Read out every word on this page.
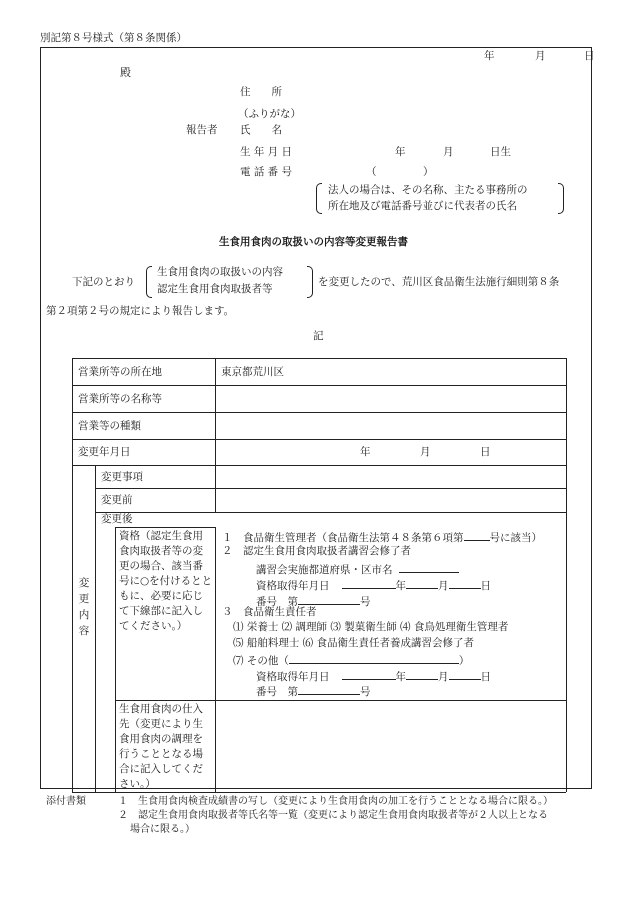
別記第８号様式（第８条関係）
年	月	日
殿
住　　所
（ふりがな）
報告者 氏　　名
生 年 月 日	年	月	日生
電 話 番 号	（	）
法人の場合は、その名称、主たる事務所の
所在地及び電話番号並びに代表者の氏名
生食用食肉の取扱いの内容等変更報告書
下記のとおり
生食用食肉の取扱いの内容
認定生食用食肉取扱者等
を変更したので、荒川区食品衛生法施行細則第８条
第２項第２号の規定により報告します。
記
営業所等の所在地	東京都荒川区
営業所等の名称等
営業等の種類
変更年月日	年	月	日
変
更
内
容
変更事項
変更前
変更後
資格（認定生食用食肉取扱者等の変更の場合、該当番号に○を付けるとともに、必要に応じて下線部に記入してください。）
１　食品衛生管理者（食品衛生法第４８条第６項第 号に該当）
２　認定生食用食肉取扱者講習会修了者
講習会実施都道府県・区市名
資格取得年月日	年	月	日
番号　第	号
３　食品衛生責任者
⑴ 栄養士 ⑵ 調理師 ⑶ 製菓衛生師 ⑷ 食鳥処理衛生管理者
⑸ 船舶料理士 ⑹ 食品衛生責任者養成講習会修了者
⑺ その他（	）
資格取得年月日	年	月	日
番号　第	号
生食用食肉の仕入先（変更により生食用食肉の調理を行うこととなる場合に記入してください。）
添付書類	１　生食用食肉検査成績書の写し（変更により生食用食肉の加工を行うこととなる場合に限る。）
２　認定生食用食肉取扱者等氏名等一覧（変更により認定生食用食肉取扱者等が２人以上となる
場合に限る。）
